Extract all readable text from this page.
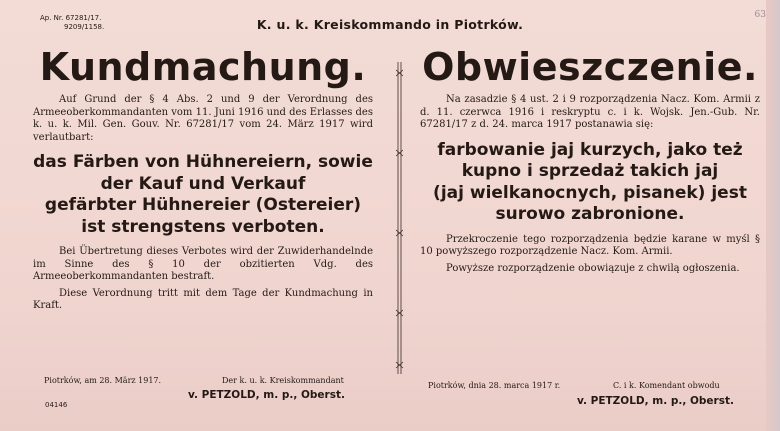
Ap. Nr. 67281/17.
9209/1158.	K. u. k. Kreiskommando in Piotrków.
63
Kundmachung.

Auf Grund der § 4 Abs. 2 und 9 der Verordnung des Armeeoberkommandanten vom 11. Juni 1916 und des Erlasses des k. u. k. Mil. Gen. Gouv. Nr. 67281/17 vom 24. März 1917 wird verlautbart:

das Färben von Hühnereiern, sowie
der Kauf und Verkauf
gefärbter Hühnereier (Ostereier)
ist strengstens verboten.

Bei Übertretung dieses Verbotes wird der Zuwiderhandelnde im Sinne des § 10 der obzitierten Vdg. des Armeeoberkommandanten bestraft.

Diese Verordnung tritt mit dem Tage der Kundmachung in Kraft.

Piotrków, am 28. März 1917.	Der k. u. k. Kreiskommandant
v. PETZOLD, m. p., Oberst.
04146
Obwieszczenie.

Na zasadzie § 4 ust. 2 i 9 rozporządzenia Nacz. Kom. Armii z d. 11. czerwca 1916 i reskryptu c. i k. Wojsk. Jen.-Gub. Nr. 67281/17 z d. 24. marca 1917 postanawia się:

farbowanie jaj kurzych, jako też
kupno i sprzedaż takich jaj
(jaj wielkanocnych, pisanek) jest
surowo zabronione.

Przekroczenie tego rozporządzenia będzie karane w myśl § 10 powyższego rozporządzenie Nacz. Kom. Armii.

Powyższe rozporządzenie obowiązuje z chwilą ogłoszenia.

Piotrków, dnia 28. marca 1917 r.	C. i k. Komendant obwodu
v. PETZOLD, m. p., Oberst.
